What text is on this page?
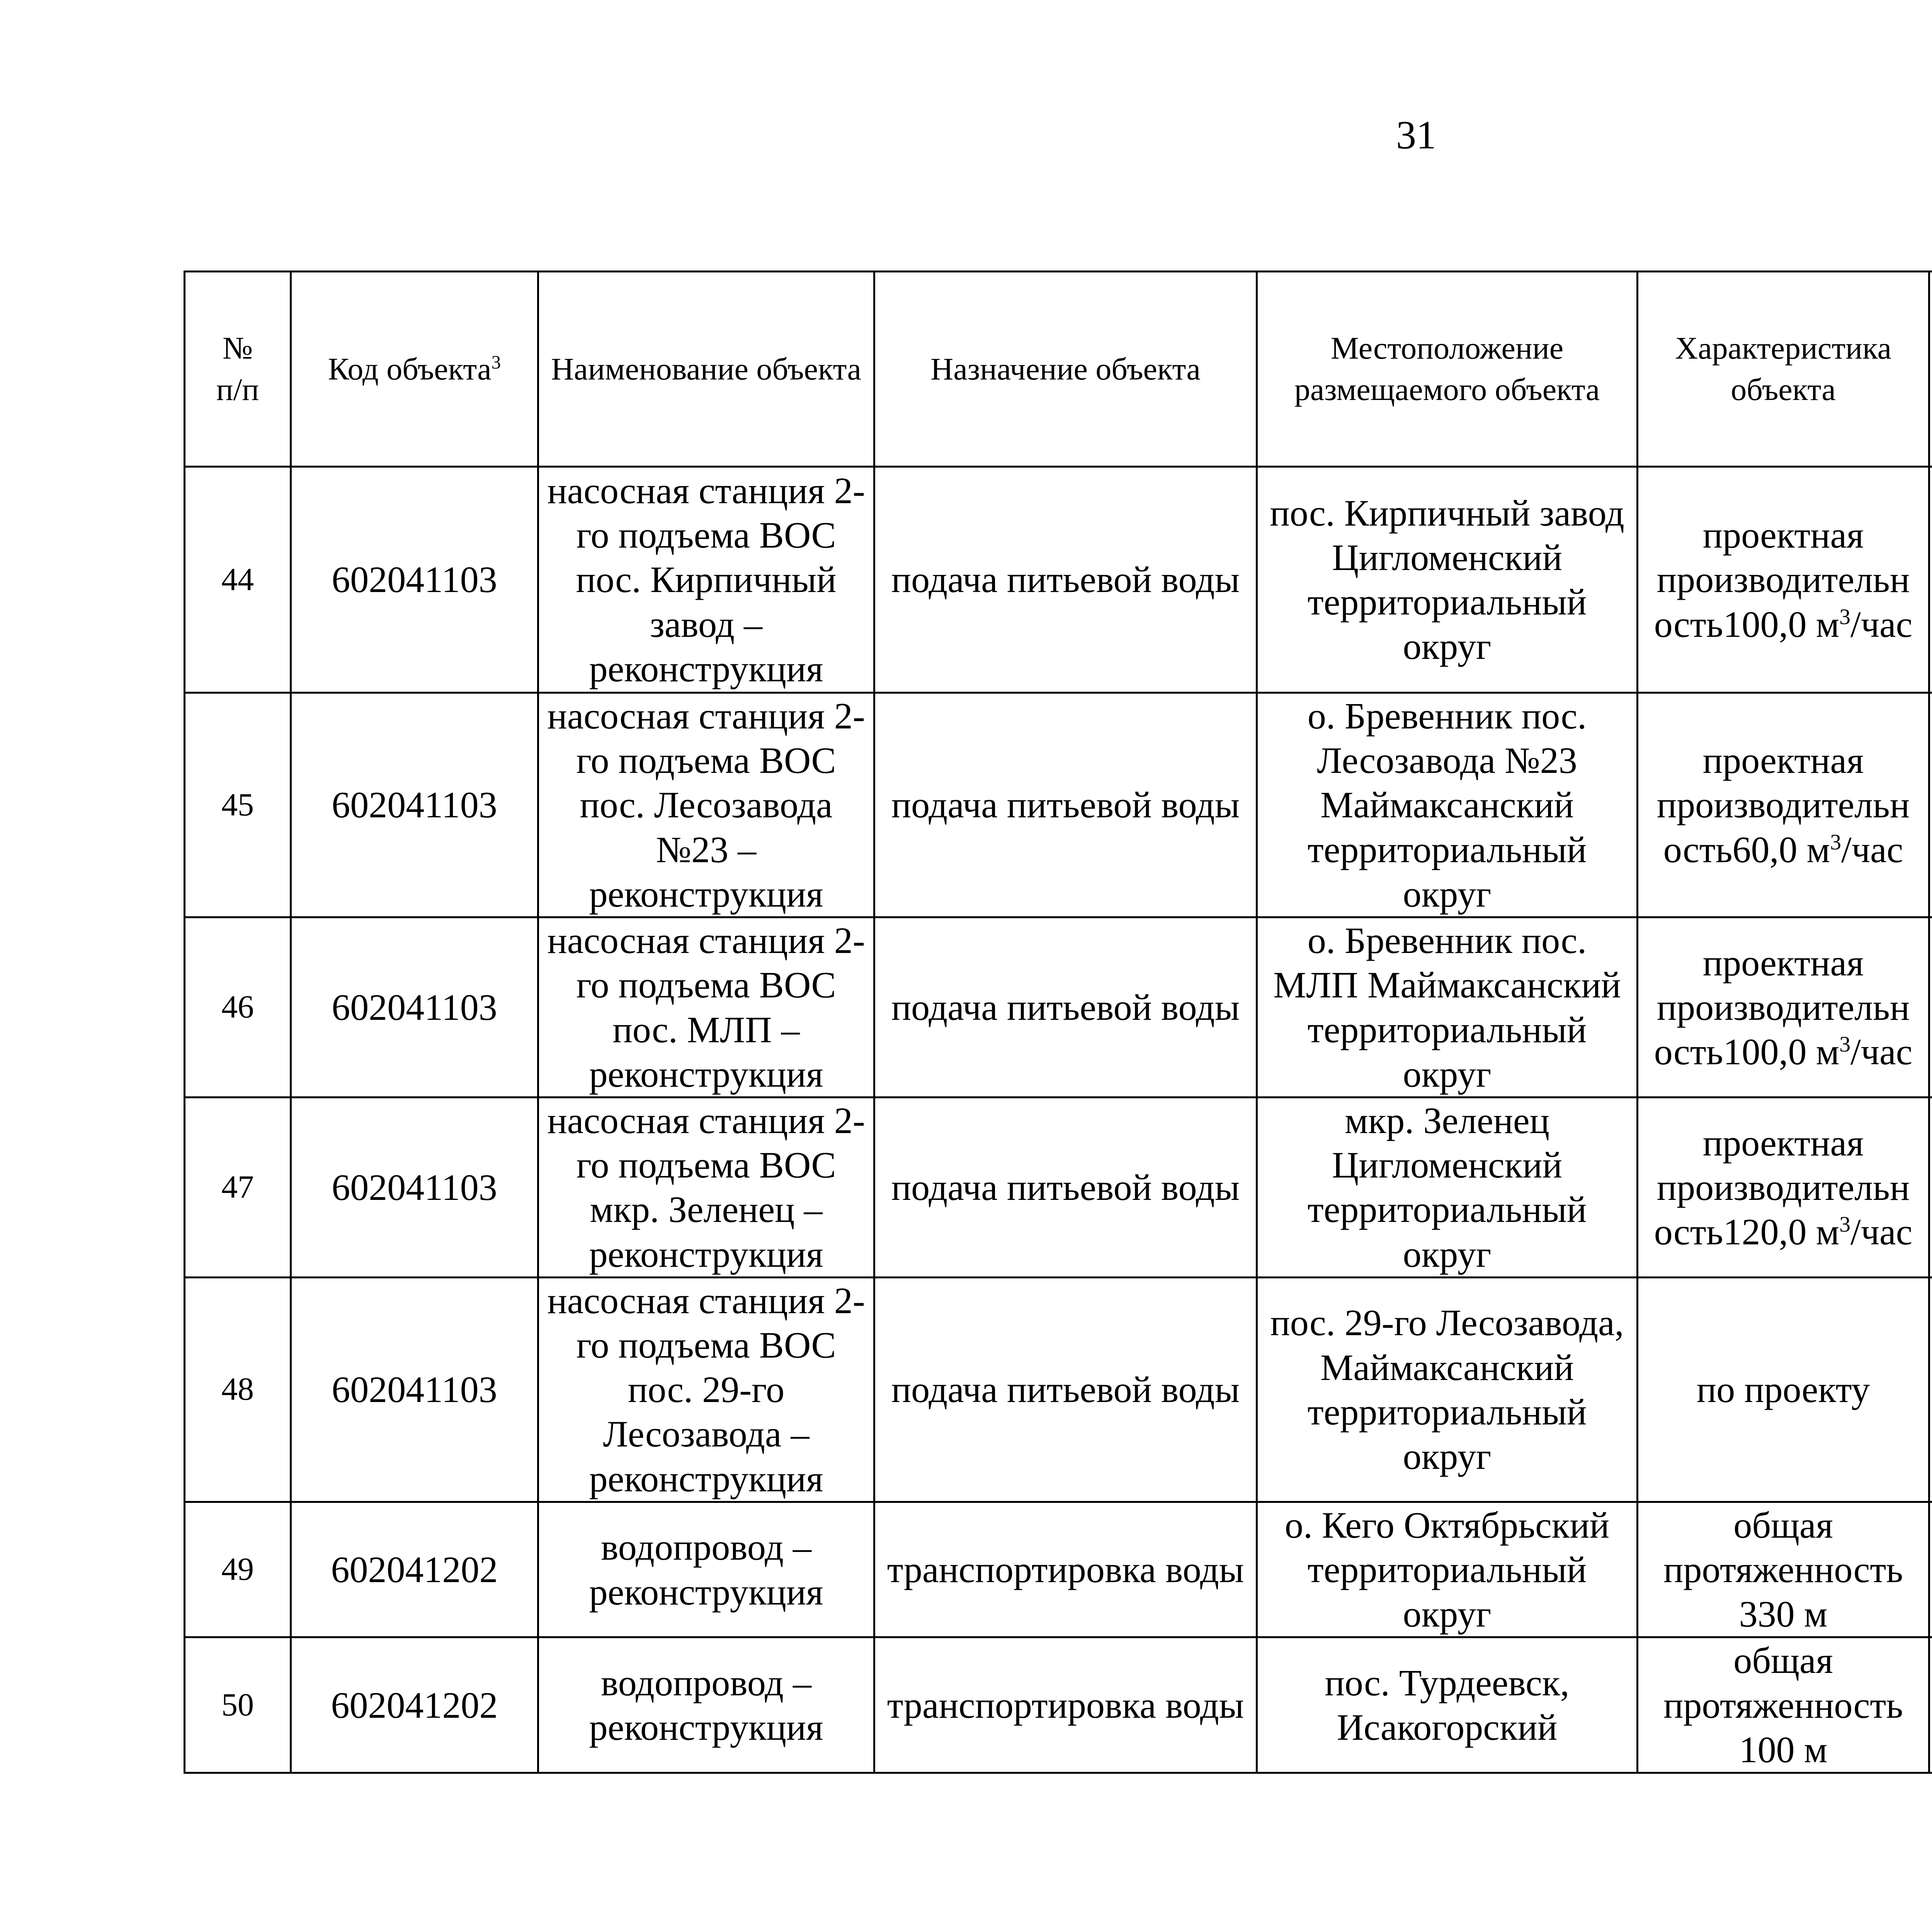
31
№
п/п	Код объекта$^3$	Наименование объекта	Назначение объекта	Местоположение размещаемого объекта	Характеристика объекта	
44	602041103	насосная станция 2-го подъема ВОС пос. Кирпичный завод – реконструкция	подача питьевой воды	пос. Кирпичный завод Цигломенский территориальный округ	проектная
производительн
ость100,0 $м^3$/час

45	602041103	насосная станция 2-го подъема ВОС пос. Лесозавода №23 – реконструкция	подача питьевой воды	о. Бревенник пос. Лесозавода №23 Маймаксанский территориальный округ	проектная
производительн
ость60,0 $м^3$/час

46	602041103	насосная станция 2-го подъема ВОС пос. МЛП – реконструкция	подача питьевой воды	о. Бревенник пос. МЛП Маймаксанский территориальный округ	проектная
производительн
ость100,0 $м^3$/час

47	602041103	насосная станция 2-го подъема ВОС мкр. Зеленец – реконструкция	подача питьевой воды	мкр. Зеленец Цигломенский территориальный округ	проектная
производительн
ость120,0 $м^3$/час

48	602041103	насосная станция 2-го подъема ВОС пос. 29-го Лесозавода – реконструкция	подача питьевой воды	пос. 29-го Лесозавода, Маймаксанский территориальный округ	по проекту	

49	602041202	водопровод – реконструкция	транспортировка воды	о. Кего Октябрьский территориальный округ	общая протяженность 330 м	
50	602041202	водопровод – реконструкция	транспортировка воды	пос. Турдеевск, Исакогорский	общая протяженность 100 м	
